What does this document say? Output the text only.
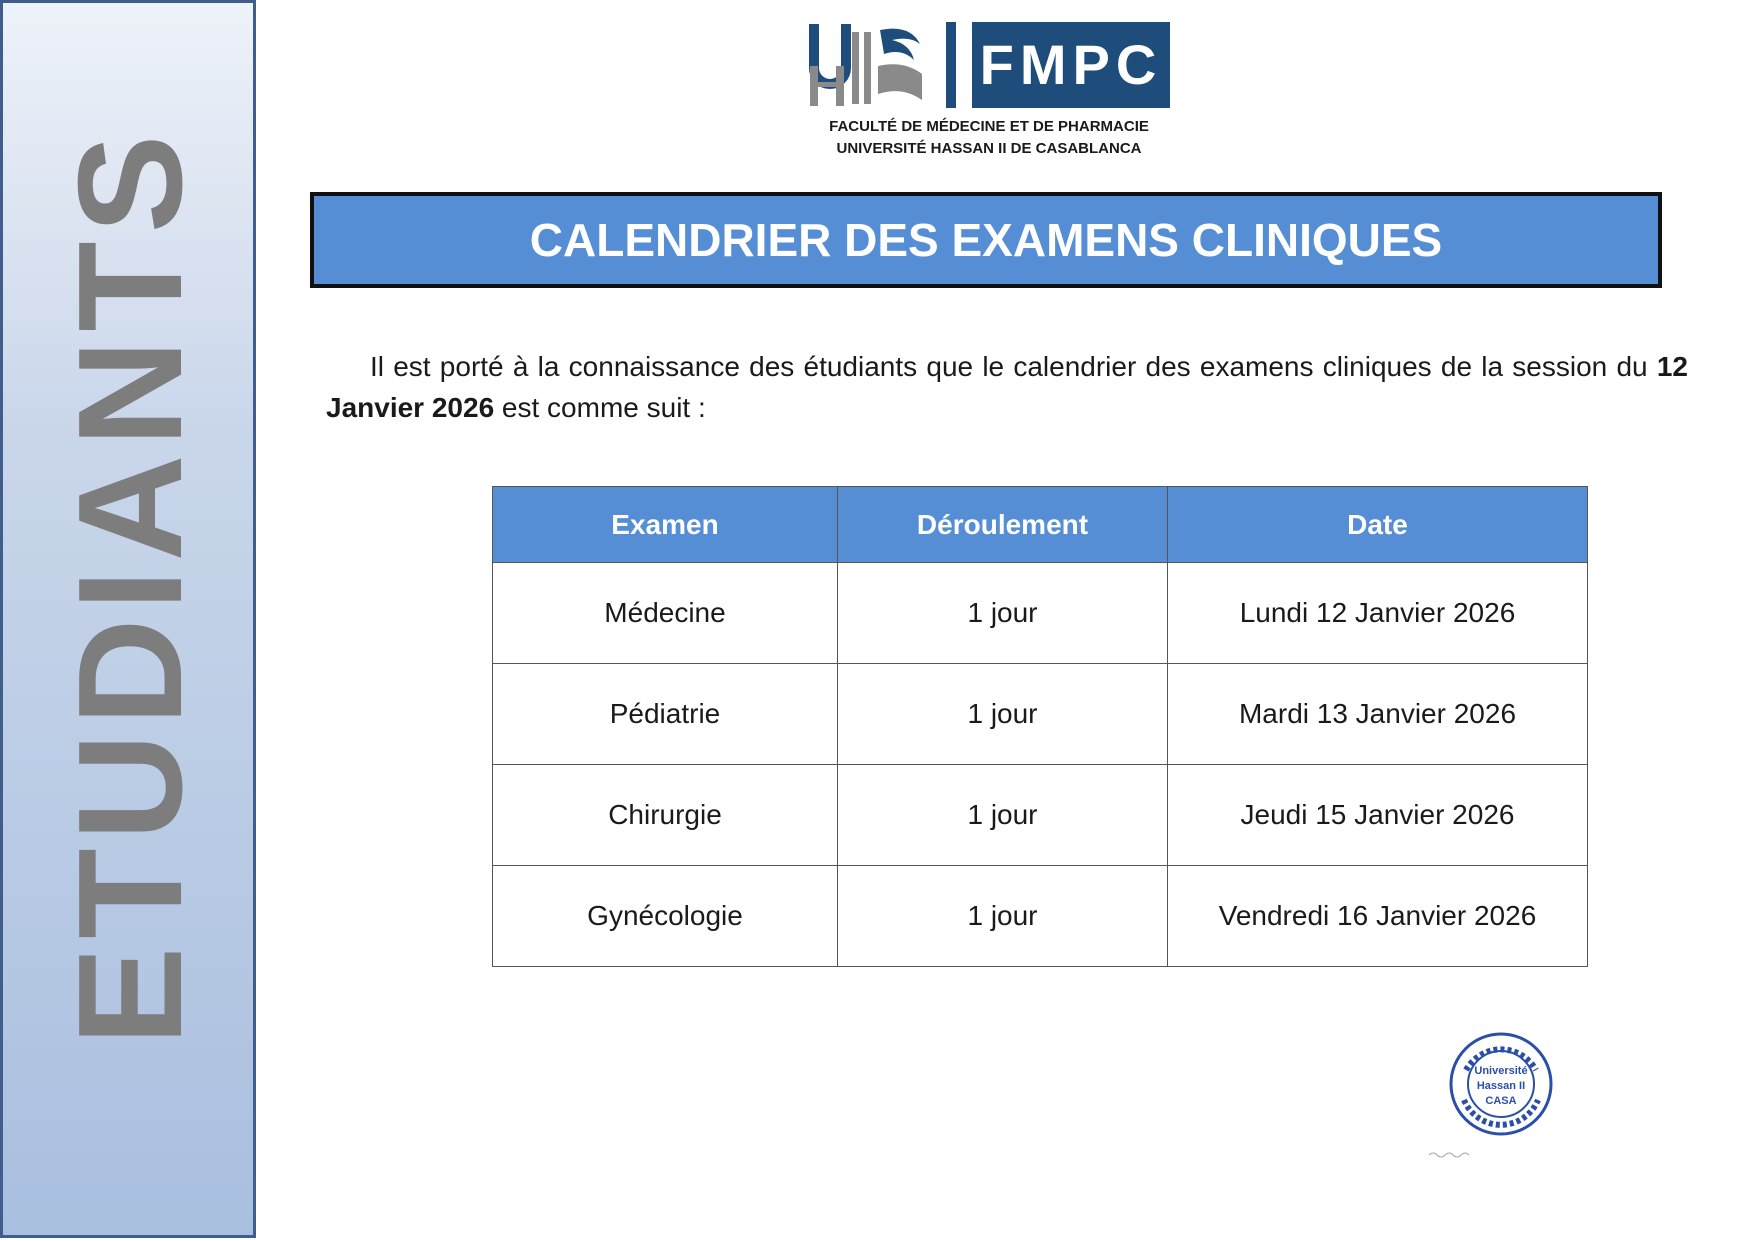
ETUDIANTS
FMPC
FACULTÉ DE MÉDECINE ET DE PHARMACIE
UNIVERSITÉ HASSAN II DE CASABLANCA
CALENDRIER DES EXAMENS CLINIQUES

Il est porté à la connaissance des étudiants que le calendrier des examens cliniques de la session du 12 Janvier 2026 est comme suit :

Examen	Déroulement	Date
Médecine	1 jour	Lundi 12 Janvier 2026
Pédiatrie	1 jour	Mardi 13 Janvier 2026
Chirurgie	1 jour	Jeudi 15 Janvier 2026
Gynécologie	1 jour	Vendredi 16 Janvier 2026
Université
Hassan II
CASA
